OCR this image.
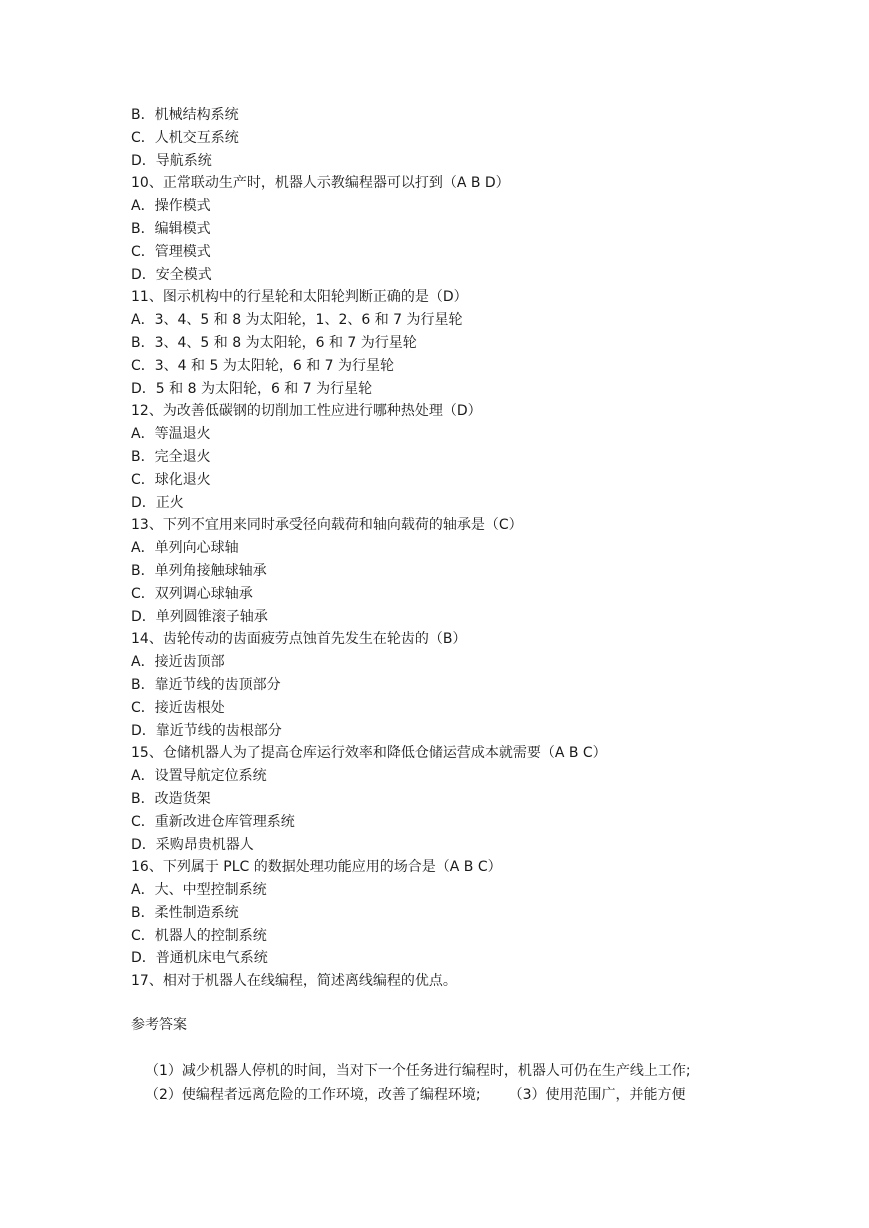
B．机械结构系统
C．人机交互系统
D．导航系统
10、正常联动生产时，机器人示教编程器可以打到（A B D）
A．操作模式
B．编辑模式
C．管理模式
D．安全模式
11、图示机构中的行星轮和太阳轮判断正确的是（D）
A．3、4、5 和 8 为太阳轮，1、2、6 和 7 为行星轮
B．3、4、5 和 8 为太阳轮，6 和 7 为行星轮
C．3、4 和 5 为太阳轮，6 和 7 为行星轮
D．5 和 8 为太阳轮，6 和 7 为行星轮
12、为改善低碳钢的切削加工性应进行哪种热处理（D）
A．等温退火
B．完全退火
C．球化退火
D．正火
13、下列不宜用来同时承受径向载荷和轴向载荷的轴承是（C）
A．单列向心球轴
B．单列角接触球轴承
C．双列调心球轴承
D．单列圆锥滚子轴承
14、齿轮传动的齿面疲劳点蚀首先发生在轮齿的（B）
A．接近齿顶部
B．靠近节线的齿顶部分
C．接近齿根处
D．靠近节线的齿根部分
15、仓储机器人为了提高仓库运行效率和降低仓储运营成本就需要（A B C）
A．设置导航定位系统
B．改造货架
C．重新改进仓库管理系统
D．采购昂贵机器人
16、下列属于 PLC 的数据处理功能应用的场合是（A B C）
A．大、中型控制系统
B．柔性制造系统
C．机器人的控制系统
D．普通机床电气系统
17、相对于机器人在线编程，简述离线编程的优点。
参考答案
（1）减少机器人停机的时间，当对下一个任务进行编程时，机器人可仍在生产线上工作;
（2）使编程者远离危险的工作环境，改善了编程环境; （3）使用范围广，并能方便
